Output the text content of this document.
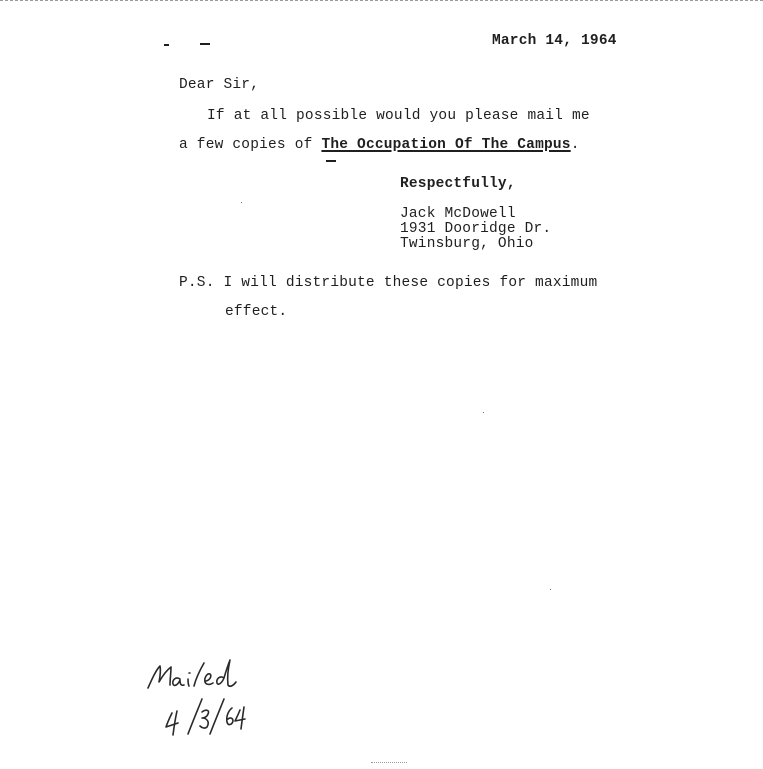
March 14, 1964
Dear Sir,
If at all possible would you please mail me
a few copies of The Occupation Of The Campus.
Respectfully,
Jack McDowell
1931 Dooridge Dr.
Twinsburg, Ohio
P.S. I will distribute these copies for maximum
effect.
